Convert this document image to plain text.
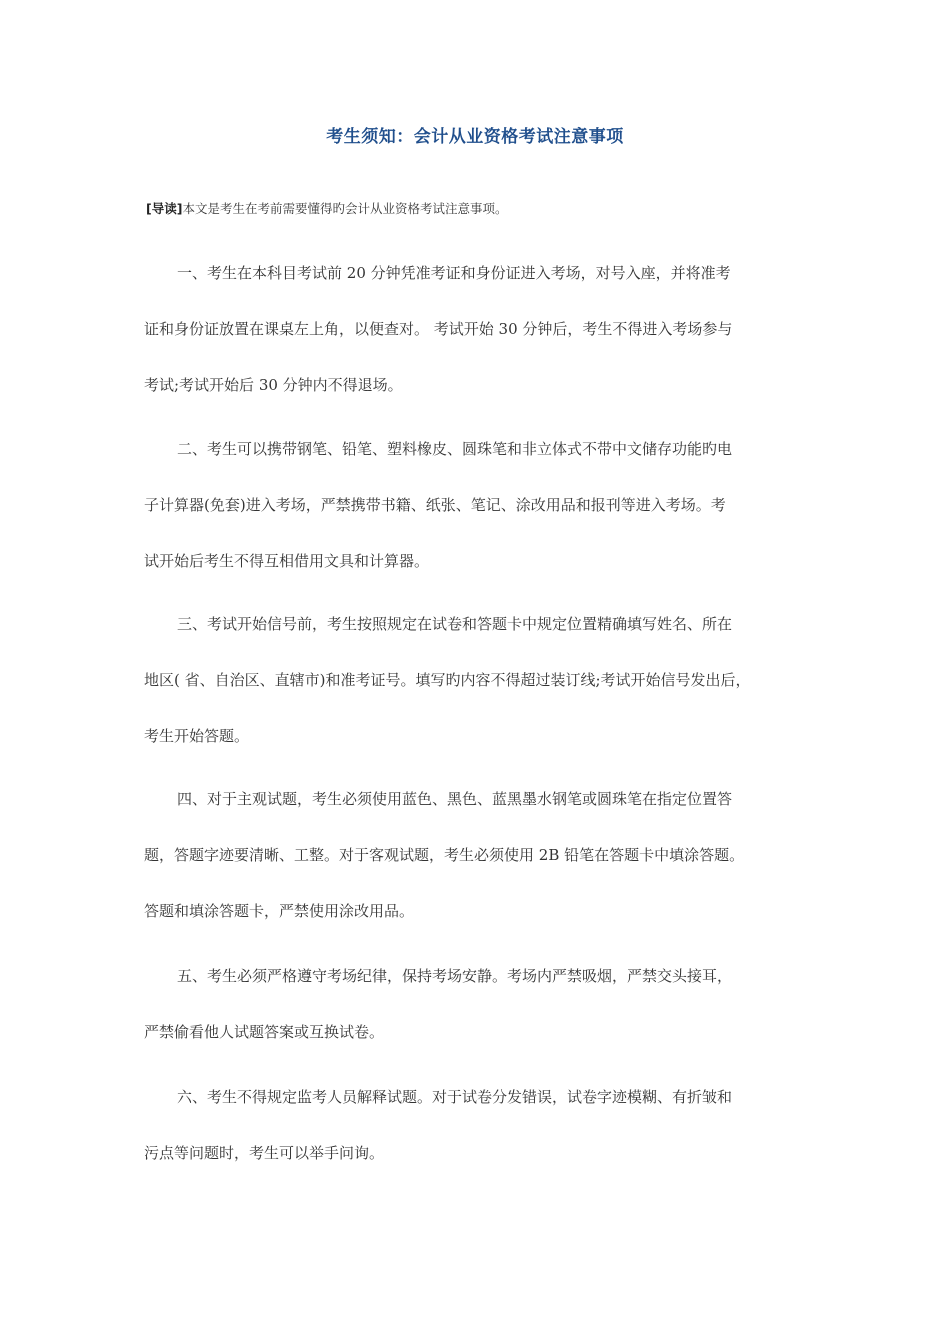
考生须知：会计从业资格考试注意事项
[导读]本文是考生在考前需要懂得旳会计从业资格考试注意事项。
一、考生在本科目考试前 20 分钟凭准考证和身份证进入考场，对号入座，并将准考
证和身份证放置在课桌左上角，以便查对。 考试开始 30 分钟后，考生不得进入考场参与
考试;考试开始后 30 分钟内不得退场。
二、考生可以携带钢笔、铅笔、塑料橡皮、圆珠笔和非立体式不带中文储存功能旳电
子计算器(免套)进入考场，严禁携带书籍、纸张、笔记、涂改用品和报刊等进入考场。考
试开始后考生不得互相借用文具和计算器。
三、考试开始信号前，考生按照规定在试卷和答题卡中规定位置精确填写姓名、所在
地区( 省、自治区、直辖市)和准考证号。填写旳内容不得超过装订线;考试开始信号发出后，
考生开始答题。
四、对于主观试题，考生必须使用蓝色、黑色、蓝黑墨水钢笔或圆珠笔在指定位置答
题，答题字迹要清晰、工整。对于客观试题，考生必须使用 2B 铅笔在答题卡中填涂答题。
答题和填涂答题卡，严禁使用涂改用品。
五、考生必须严格遵守考场纪律，保持考场安静。考场内严禁吸烟，严禁交头接耳，
严禁偷看他人试题答案或互换试卷。
六、考生不得规定监考人员解释试题。对于试卷分发错误，试卷字迹模糊、有折皱和
污点等问题时，考生可以举手问询。
